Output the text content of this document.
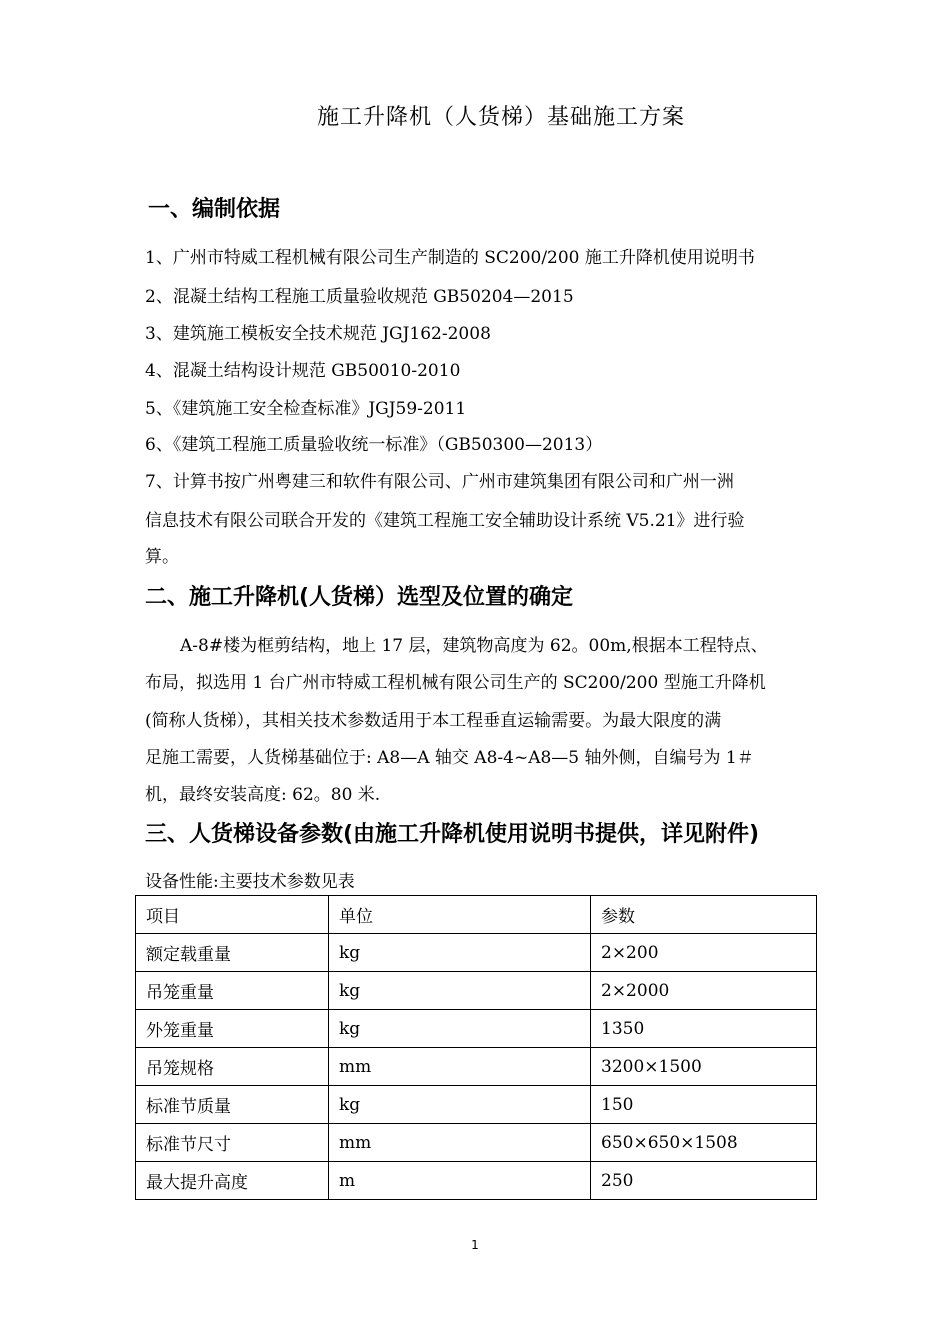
施工升降机（人货梯）基础施工方案
一、编制依据
1、广州市特威工程机械有限公司生产制造的 SC200/200 施工升降机使用说明书
2、混凝土结构工程施工质量验收规范 GB50204—2015
3、建筑施工模板安全技术规范 JGJ162-2008
4、混凝土结构设计规范 GB50010-2010
5、《建筑施工安全检查标准》JGJ59-2011
6、《建筑工程施工质量验收统一标准》（GB50300—2013）
7、计算书按广州粤建三和软件有限公司、广州市建筑集团有限公司和广州一洲
信息技术有限公司联合开发的《建筑工程施工安全辅助设计系统 V5.21》进行验
算。
二、施工升降机(人货梯）选型及位置的确定
A-8#楼为框剪结构，地上 17 层，建筑物高度为 62。00m,根据本工程特点、
布局，拟选用 1 台广州市特威工程机械有限公司生产的 SC200/200 型施工升降机
(简称人货梯），其相关技术参数适用于本工程垂直运输需要。为最大限度的满
足施工需要，人货梯基础位于: A8—A 轴交 A8-4~A8—5 轴外侧，自编号为 1＃
机，最终安装高度: 62。80 米.
三、人货梯设备参数(由施工升降机使用说明书提供，详见附件)
设备性能:主要技术参数见表
项目	单位	参数
额定载重量	kg	2×200
吊笼重量	kg	2×2000
外笼重量	kg	1350
吊笼规格	mm	3200×1500
标准节质量	kg	150
标准节尺寸	mm	650×650×1508
最大提升高度	m	250
1
